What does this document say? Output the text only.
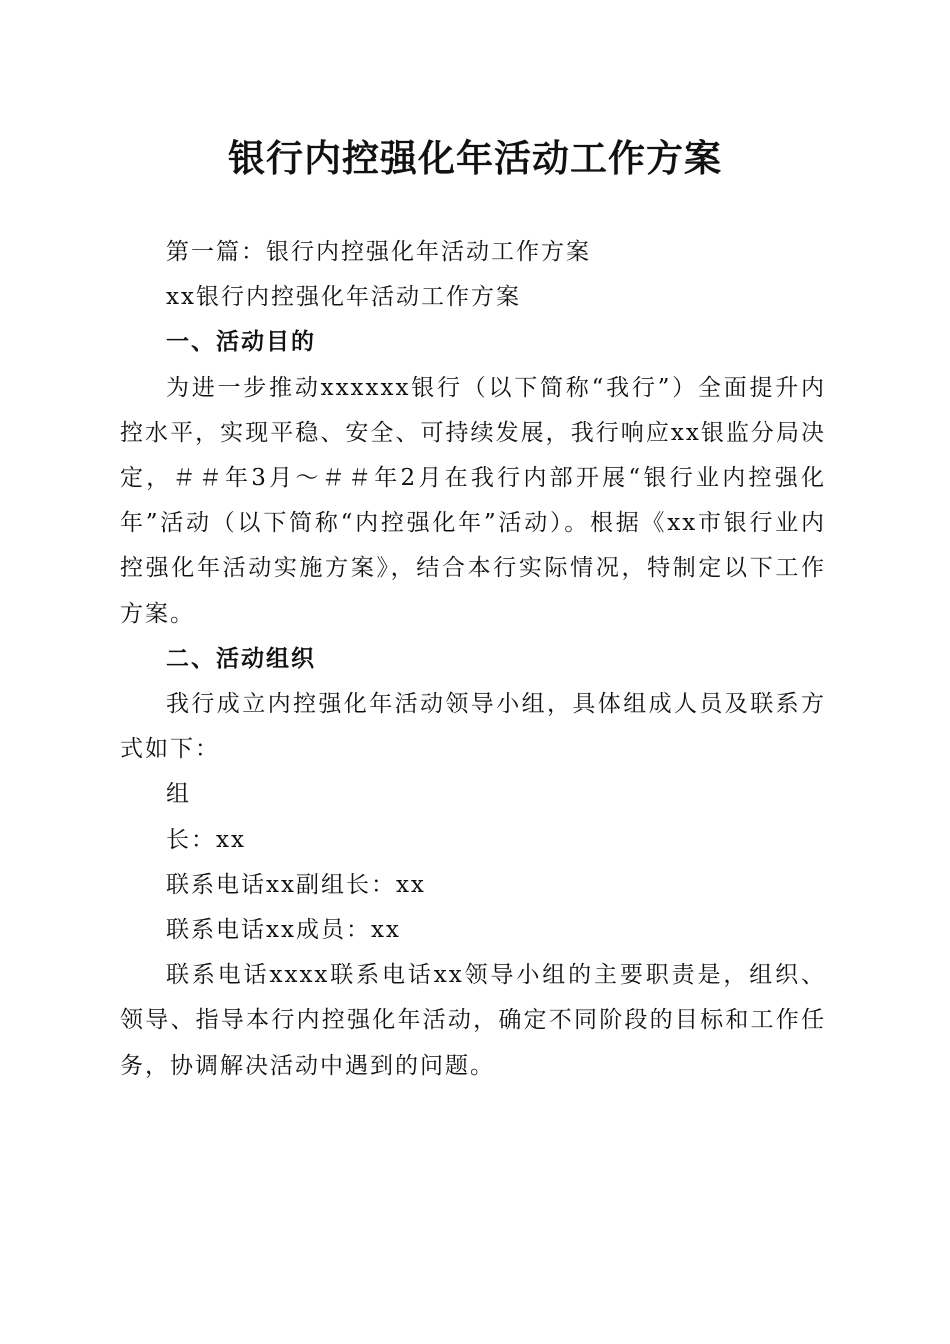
银行内控强化年活动工作方案

第一篇：银行内控强化年活动工作方案

xx银行内控强化年活动工作方案

一、活动目的

为进一步推动xxxxxx银行（以下简称“我行”）全面提升内控水平，实现平稳、安全、可持续发展，我行响应xx银监分局决定，＃＃年3月～＃＃年2月在我行内部开展“银行业内控强化年”活动（以下简称“内控强化年”活动）。根据《xx市银行业内控强化年活动实施方案》，结合本行实际情况，特制定以下工作方案。

二、活动组织

我行成立内控强化年活动领导小组，具体组成人员及联系方式如下：

组

长：xx

联系电话xx副组长：xx

联系电话xx成员：xx

联系电话xxxx联系电话xx领导小组的主要职责是，组织、领导、指导本行内控强化年活动，确定不同阶段的目标和工作任务，协调解决活动中遇到的问题。
